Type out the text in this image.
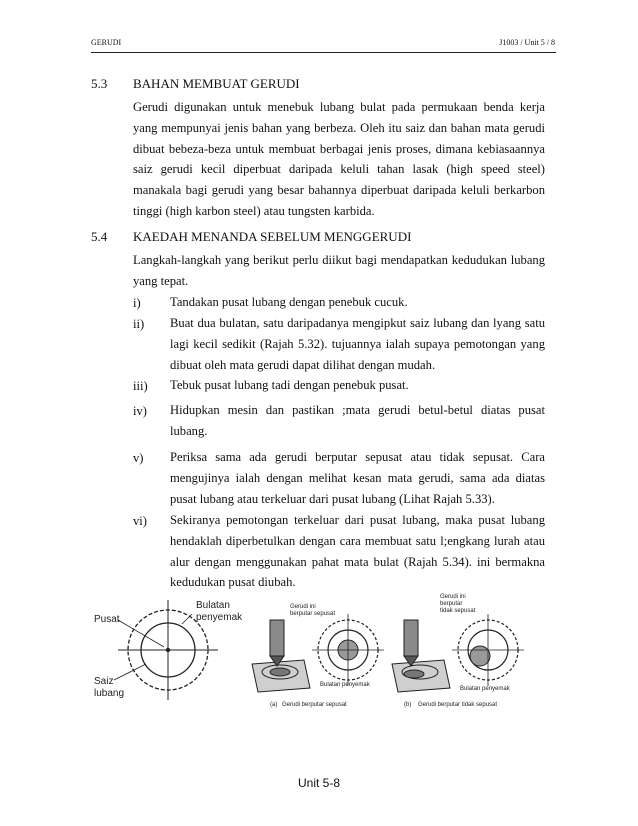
GERUDI	J1003 / Unit 5 / 8
5.3 BAHAN MEMBUAT GERUDI
Gerudi digunakan untuk menebuk lubang bulat pada permukaan benda kerja yang mempunyai jenis bahan yang berbeza. Oleh itu saiz dan bahan mata gerudi dibuat bebeza-beza untuk membuat berbagai jenis proses, dimana kebiasaannya saiz gerudi kecil diperbuat daripada keluli tahan lasak (high speed steel) manakala bagi gerudi yang besar bahannya diperbuat daripada keluli berkarbon tinggi (high karbon steel) atau tungsten karbida.
5.4 KAEDAH MENANDA SEBELUM MENGGERUDI
Langkah-langkah yang berikut perlu diikut bagi mendapatkan kedudukan lubang yang tepat.
i) Tandakan pusat lubang dengan penebuk cucuk.
ii) Buat dua bulatan, satu daripadanya mengipkut saiz lubang dan lyang satu lagi kecil sedikit (Rajah 5.32). tujuannya ialah supaya pemotongan yang dibuat oleh mata gerudi dapat dilihat dengan mudah.
iii) Tebuk pusat lubang tadi dengan penebuk pusat.
iv) Hidupkan mesin dan pastikan ;mata gerudi betul-betul diatas pusat lubang.
v) Periksa sama ada gerudi berputar sepusat atau tidak sepusat. Cara mengujinya ialah dengan melihat kesan mata gerudi, sama ada diatas pusat lubang atau terkeluar dari pusat lubang (Lihat Rajah 5.33).
vi) Sekiranya pemotongan terkeluar dari pusat lubang, maka pusat lubang hendaklah diperbetulkan dengan cara membuat satu l;engkang lurah atau alur dengan menggunakan pahat mata bulat (Rajah 5.34). ini bermakna kedudukan pusat diubah.
Pusat
Bulatan
penyemak
Saiz
lubang
Gerudi ini
berputar sepusat
Bulatan penyemak
(a) Gerudi berputar sepusat
Gerudi ini
berputar
tidak sepusat
Bulatan penyemak
(b) Gerudi berputar tidak sepusat
Unit 5-8
